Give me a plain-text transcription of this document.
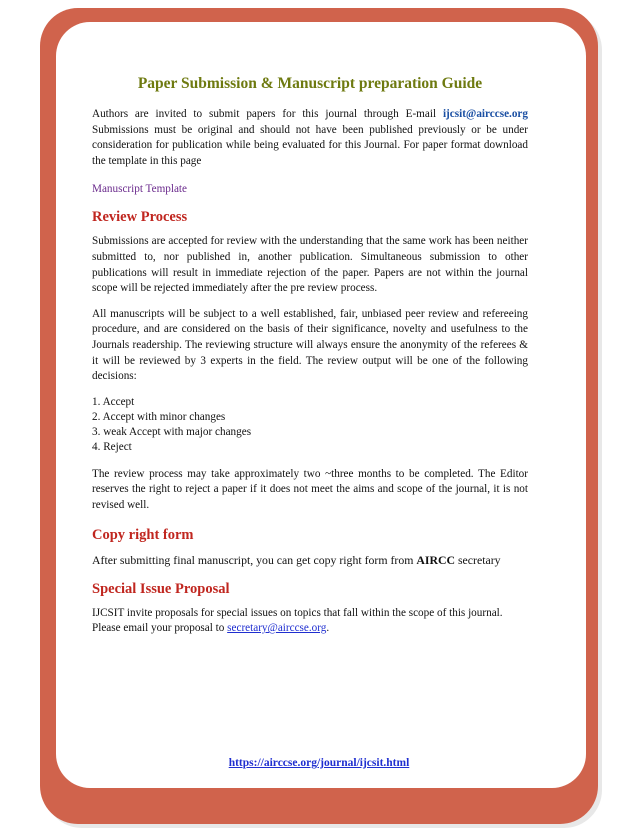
Paper Submission & Manuscript preparation Guide

Authors are invited to submit papers for this journal through E-mail ijcsit@airccse.org Submissions must be original and should not have been published previously or be under consideration for publication while being evaluated for this Journal. For paper format download the template in this page

Manuscript Template
Review Process

Submissions are accepted for review with the understanding that the same work has been neither submitted to, nor published in, another publication. Simultaneous submission to other publications will result in immediate rejection of the paper. Papers are not within the journal scope will be rejected immediately after the pre review process.

All manuscripts will be subject to a well established, fair, unbiased peer review and refereeing procedure, and are considered on the basis of their significance, novelty and usefulness to the Journals readership. The reviewing structure will always ensure the anonymity of the referees & it will be reviewed by 3 experts in the field. The review output will be one of the following decisions:

1. Accept
2. Accept with minor changes
3. weak Accept with major changes
4. Reject

The review process may take approximately two ~three months to be completed. The Editor reserves the right to reject a paper if it does not meet the aims and scope of the journal, it is not revised well.

Copy right form
After submitting final manuscript, you can get copy right form from AIRCC secretary
Special Issue Proposal

IJCSIT invite proposals for special issues on topics that fall within the scope of this journal.
Please email your proposal to secretary@airccse.org.

https://airccse.org/journal/ijcsit.html
